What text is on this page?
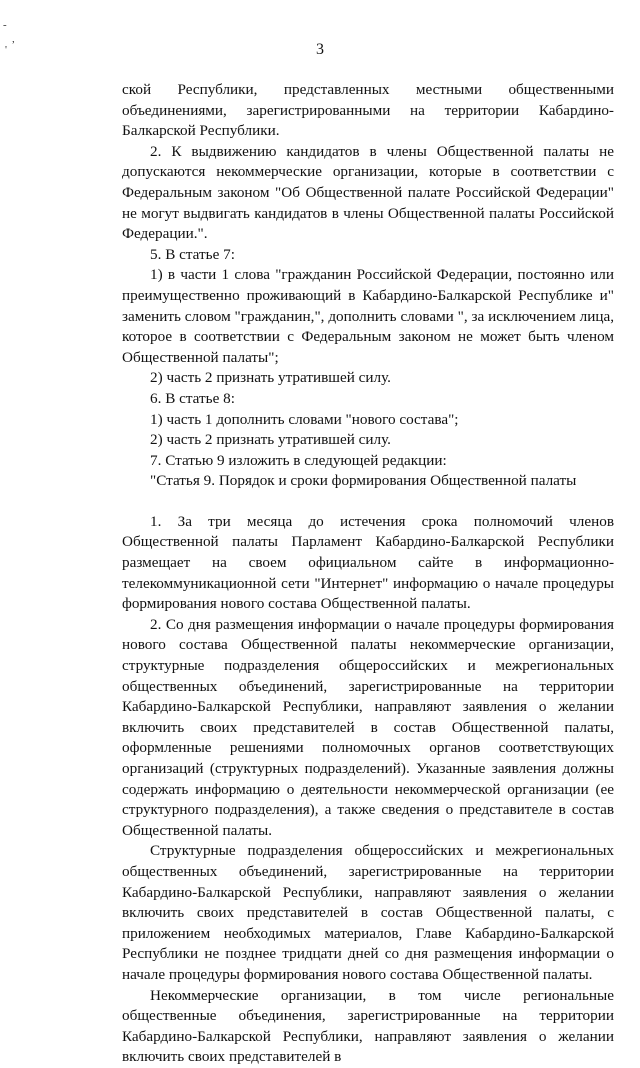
-
,
'	3

ской Республики, представленных местными общественными объединениями, зарегистрированными на территории Кабардино-Балкарской Республики.

2. К выдвижению кандидатов в члены Общественной палаты не допускаются некоммерческие организации, которые в соответствии с Федеральным законом "Об Общественной палате Российской Федерации" не могут выдвигать кандидатов в члены Общественной палаты Российской Федерации.".

5. В статье 7:

1) в части 1 слова "гражданин Российской Федерации, постоянно или преимущественно проживающий в Кабардино-Балкарской Республике и" заменить словом "гражданин,", дополнить словами ", за исключением лица, которое в соответствии с Федеральным законом не может быть членом Общественной палаты";

2) часть 2 признать утратившей силу.

6. В статье 8:

1) часть 1 дополнить словами "нового состава";

2) часть 2 признать утратившей силу.

7. Статью 9 изложить в следующей редакции:

"Статья 9. Порядок и сроки формирования Общественной палаты

1. За три месяца до истечения срока полномочий членов Общественной палаты Парламент Кабардино-Балкарской Республики размещает на своем официальном сайте в информационно-телекоммуникационной сети "Интернет" информацию о начале процедуры формирования нового состава Общественной палаты.

2. Со дня размещения информации о начале процедуры формирования нового состава Общественной палаты некоммерческие организации, структурные подразделения общероссийских и межрегиональных общественных объединений, зарегистрированные на территории Кабардино-Балкарской Республики, направляют заявления о желании включить своих представителей в состав Общественной палаты, оформленные решениями полномочных органов соответствующих организаций (структурных подразделений). Указанные заявления должны содержать информацию о деятельности некоммерческой организации (ее структурного подразделения), а также сведения о представителе в состав Общественной палаты.

Структурные подразделения общероссийских и межрегиональных общественных объединений, зарегистрированные на территории Кабардино-Балкарской Республики, направляют заявления о желании включить своих представителей в состав Общественной палаты, с приложением необходимых материалов, Главе Кабардино-Балкарской Республики не позднее тридцати дней со дня размещения информации о начале процедуры формирования нового состава Общественной палаты.

Некоммерческие организации, в том числе региональные общественные объединения, зарегистрированные на территории Кабардино-Балкарской Республики, направляют заявления о желании включить своих представителей в
